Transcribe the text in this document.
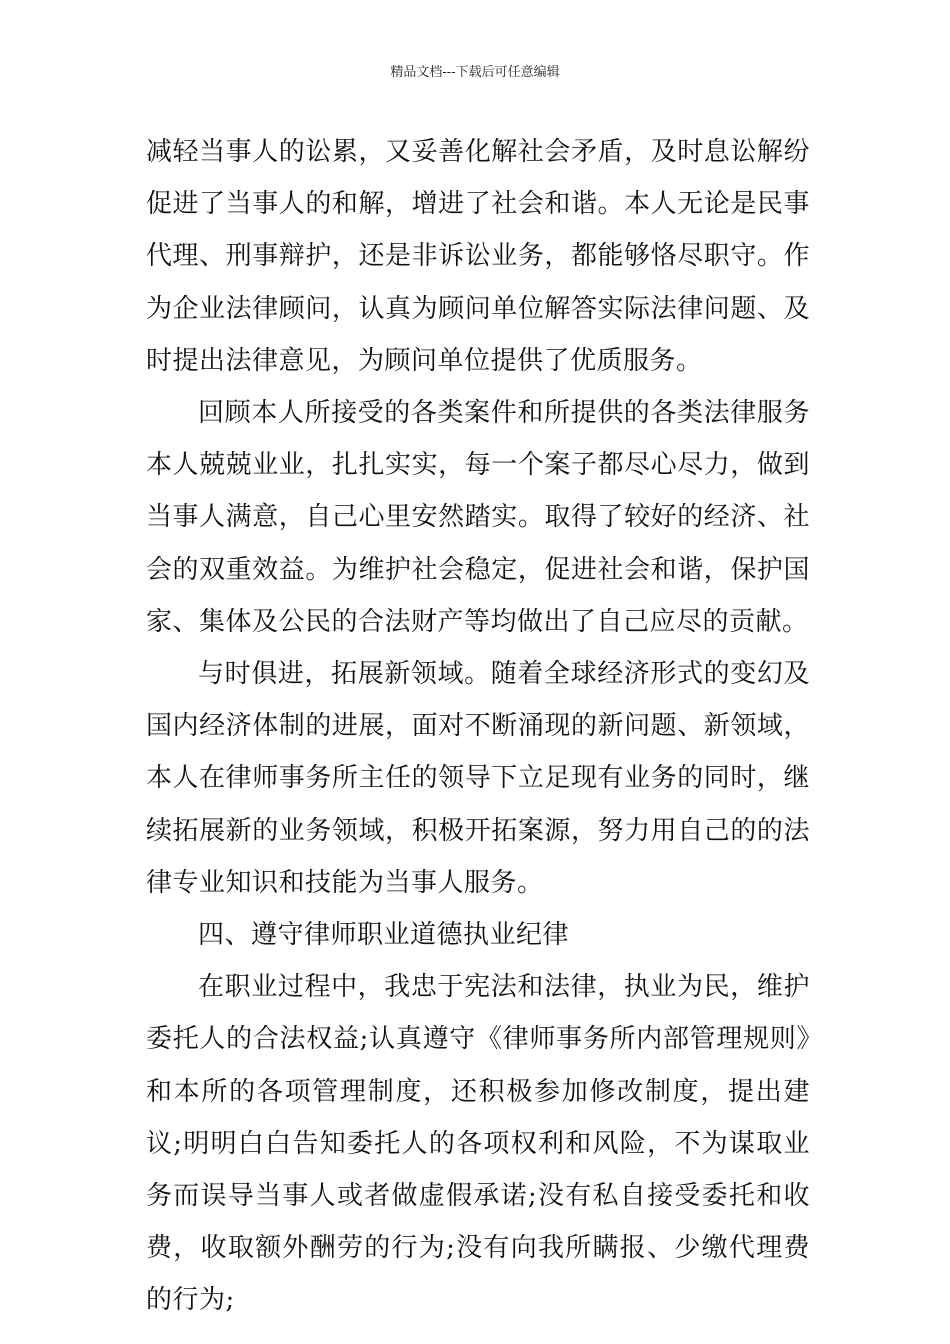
精品文档---下载后可任意编辑

减轻当事人的讼累，又妥善化解社会矛盾，及时息讼解纷促进了当事人的和解，增进了社会和谐。本人无论是民事代理、刑事辩护，还是非诉讼业务，都能够恪尽职守。作为企业法律顾问，认真为顾问单位解答实际法律问题、及时提出法律意见，为顾问单位提供了优质服务。

回顾本人所接受的各类案件和所提供的各类法律服务本人兢兢业业，扎扎实实，每一个案子都尽心尽力，做到当事人满意，自己心里安然踏实。取得了较好的经济、社会的双重效益。为维护社会稳定，促进社会和谐，保护国家、集体及公民的合法财产等均做出了自己应尽的贡献。

与时俱进，拓展新领域。随着全球经济形式的变幻及国内经济体制的进展，面对不断涌现的新问题、新领域，本人在律师事务所主任的领导下立足现有业务的同时，继续拓展新的业务领域，积极开拓案源，努力用自己的的法律专业知识和技能为当事人服务。

四、遵守律师职业道德执业纪律

在职业过程中，我忠于宪法和法律，执业为民，维护委托人的合法权益;认真遵守《律师事务所内部管理规则》和本所的各项管理制度，还积极参加修改制度，提出建议;明明白白告知委托人的各项权利和风险，不为谋取业务而误导当事人或者做虚假承诺;没有私自接受委托和收费，收取额外酬劳的行为;没有向我所瞒报、少缴代理费的行为;
